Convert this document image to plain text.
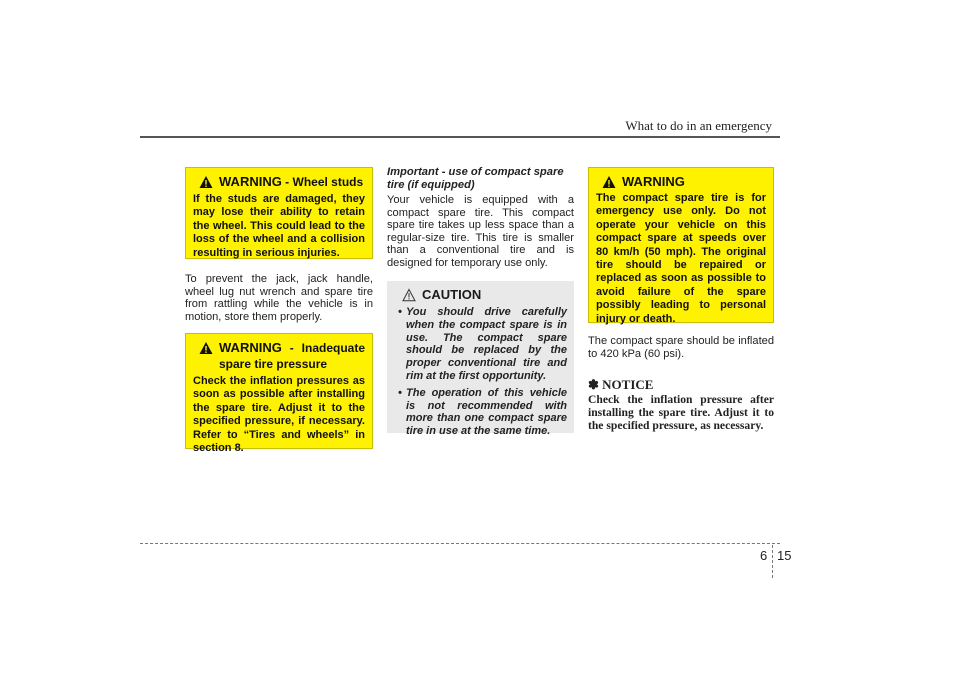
What to do in an emergency
WARNING - Wheel studs
If the studs are damaged, they may lose their ability to retain the wheel. This could lead to the loss of the wheel and a collision resulting in serious injuries.
To prevent the jack, jack handle, wheel lug nut wrench and spare tire from rattling while the vehicle is in motion, store them properly.
WARNING - Inadequate spare tire pressure
Check the inflation pressures as soon as possible after installing the spare tire. Adjust it to the specified pressure, if necessary. Refer to “Tires and wheels” in section 8.
Important - use of compact spare tire (if equipped)
Your vehicle is equipped with a compact spare tire. This compact spare tire takes up less space than a regular-size tire. This tire is smaller than a conventional tire and is designed for temporary use only.
CAUTION
• You should drive carefully when the compact spare is in use. The compact spare should be replaced by the proper conventional tire and rim at the first opportunity.
• The operation of this vehicle is not recommended with more than one compact spare tire in use at the same time.
WARNING
The compact spare tire is for emergency use only. Do not operate your vehicle on this compact spare at speeds over 80 km/h (50 mph). The original tire should be repaired or replaced as soon as possible to avoid failure of the spare possibly leading to personal injury or death.
The compact spare should be inflated to 420 kPa (60 psi).
✽ NOTICE
Check the inflation pressure after installing the spare tire. Adjust it to the specified pressure, as necessary.
6 15
